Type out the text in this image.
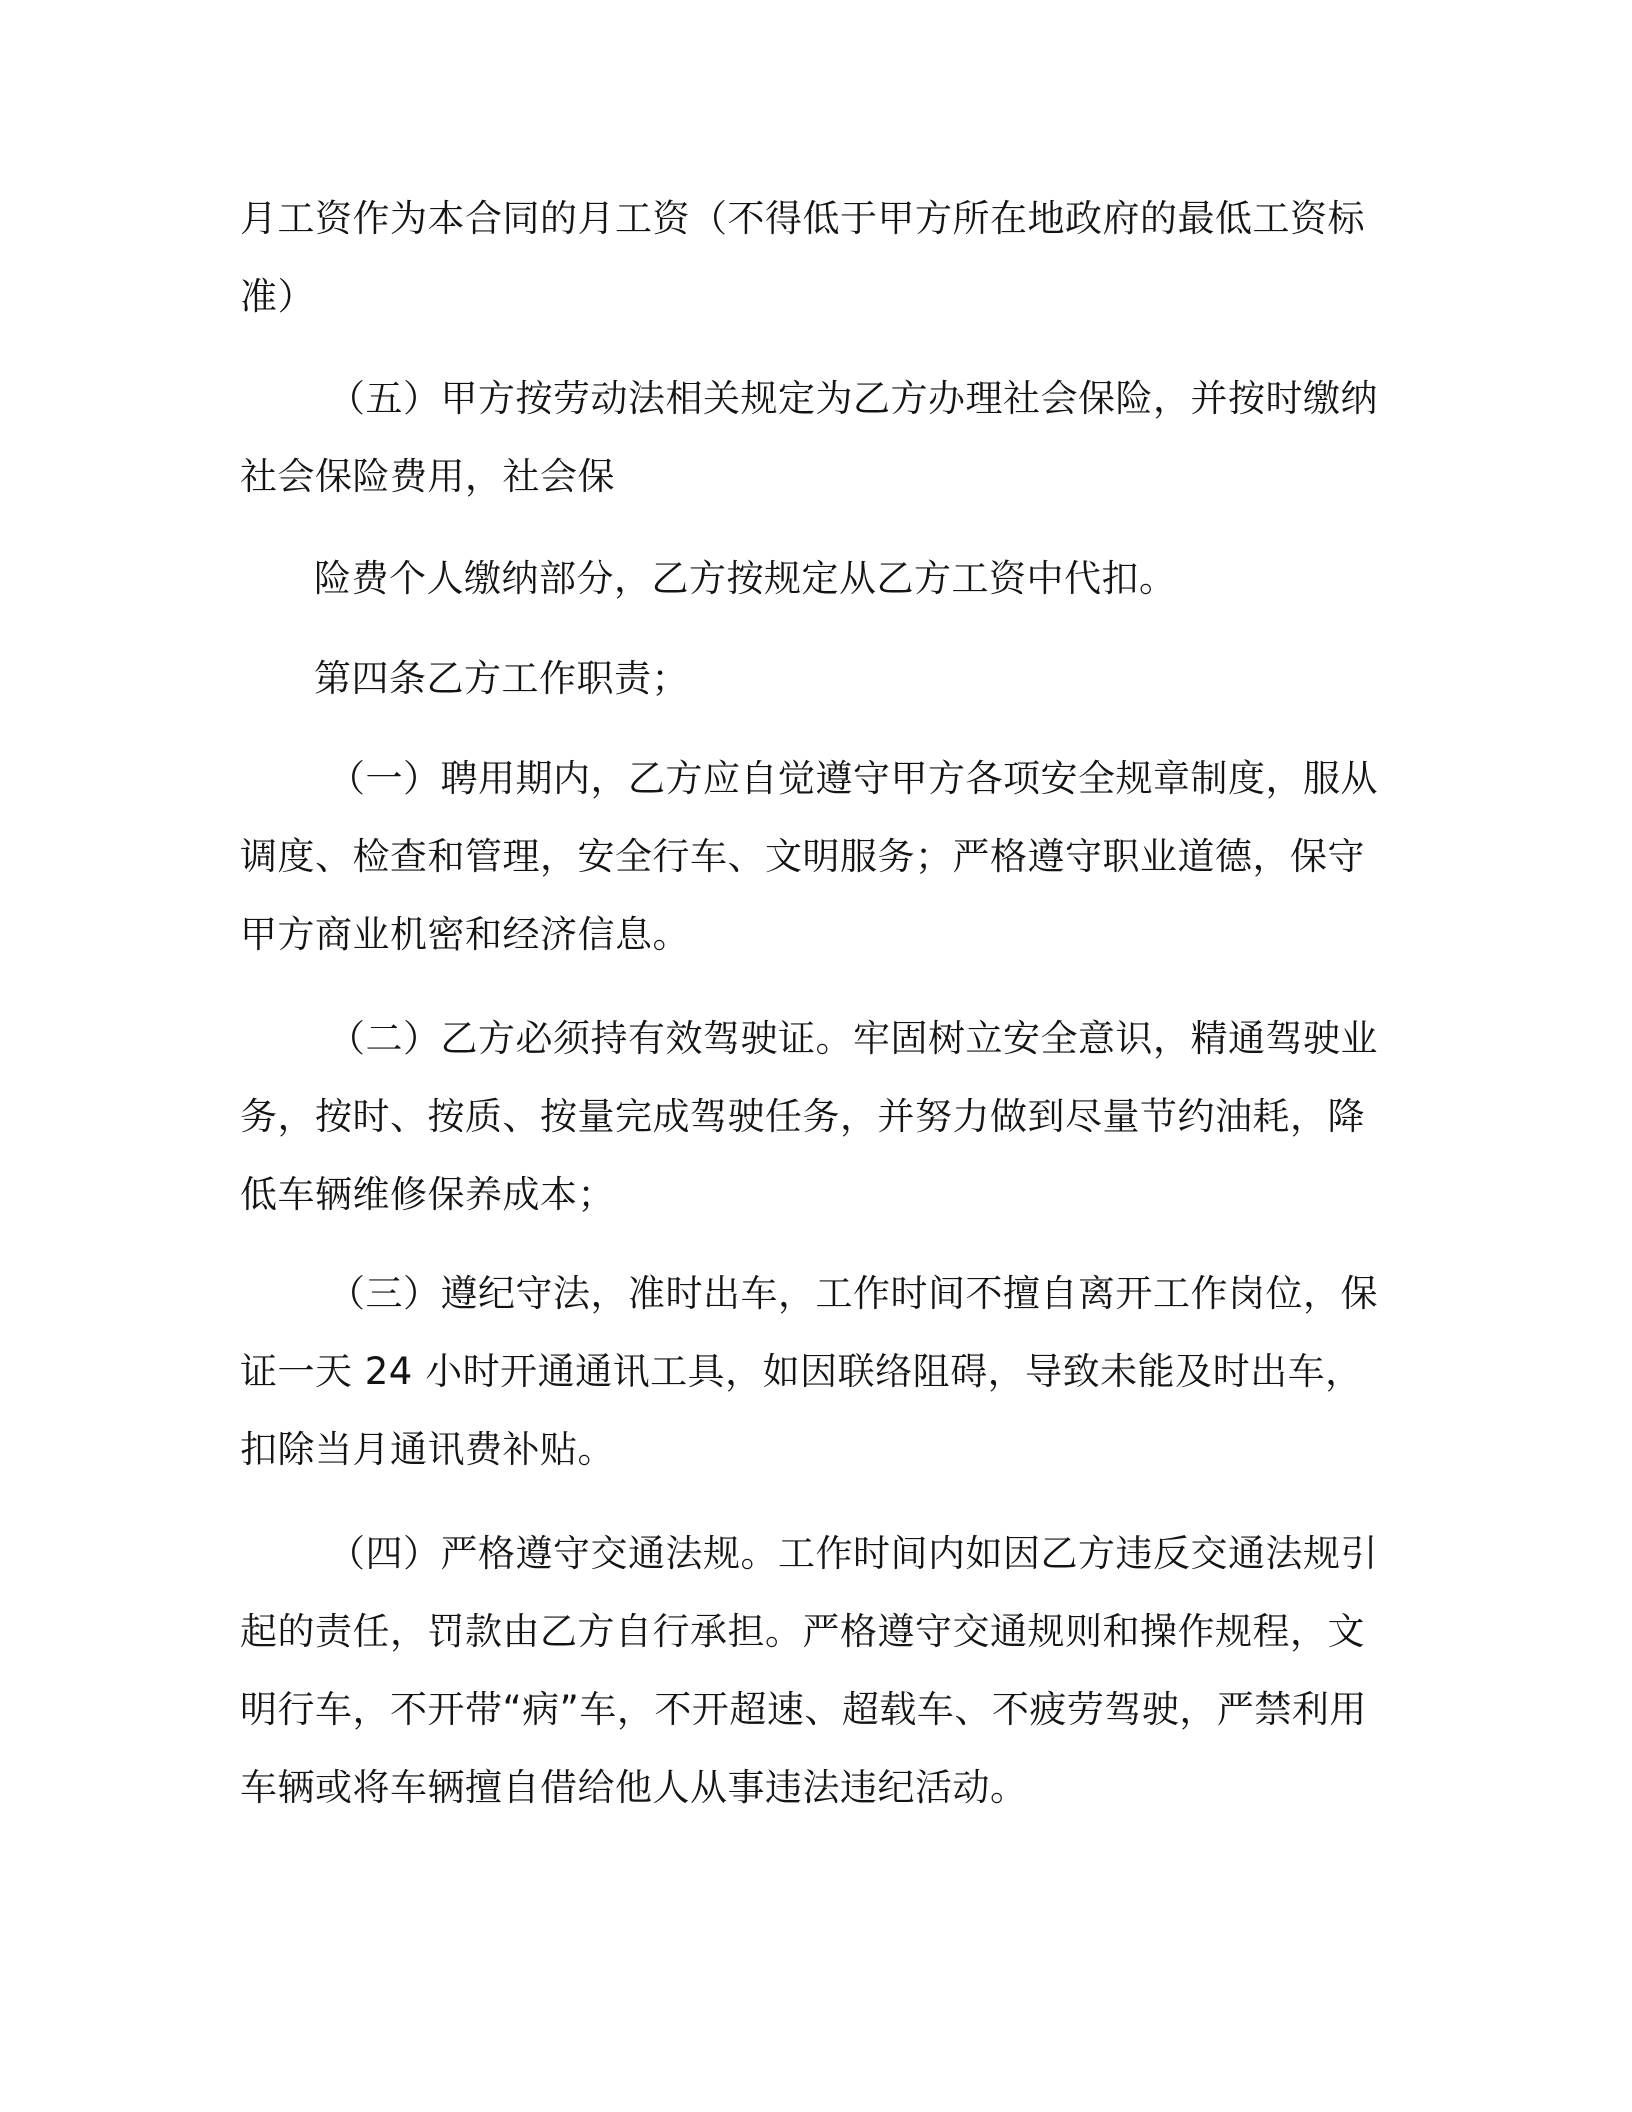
月工资作为本合同的月工资（不得低于甲方所在地政府的最低工资标准）

（五）甲方按劳动法相关规定为乙方办理社会保险，并按时缴纳社会保险费用，社会保

险费个人缴纳部分，乙方按规定从乙方工资中代扣。

第四条乙方工作职责；

（一）聘用期内，乙方应自觉遵守甲方各项安全规章制度，服从调度、检查和管理，安全行车、文明服务；严格遵守职业道德，保守甲方商业机密和经济信息。

（二）乙方必须持有效驾驶证。牢固树立安全意识，精通驾驶业务，按时、按质、按量完成驾驶任务，并努力做到尽量节约油耗，降低车辆维修保养成本；

（三）遵纪守法，准时出车，工作时间不擅自离开工作岗位，保证一天 24 小时开通通讯工具，如因联络阻碍，导致未能及时出车，扣除当月通讯费补贴。

（四）严格遵守交通法规。工作时间内如因乙方违反交通法规引起的责任，罚款由乙方自行承担。严格遵守交通规则和操作规程，文明行车，不开带“病”车，不开超速、超载车、不疲劳驾驶，严禁利用车辆或将车辆擅自借给他人从事违法违纪活动。
